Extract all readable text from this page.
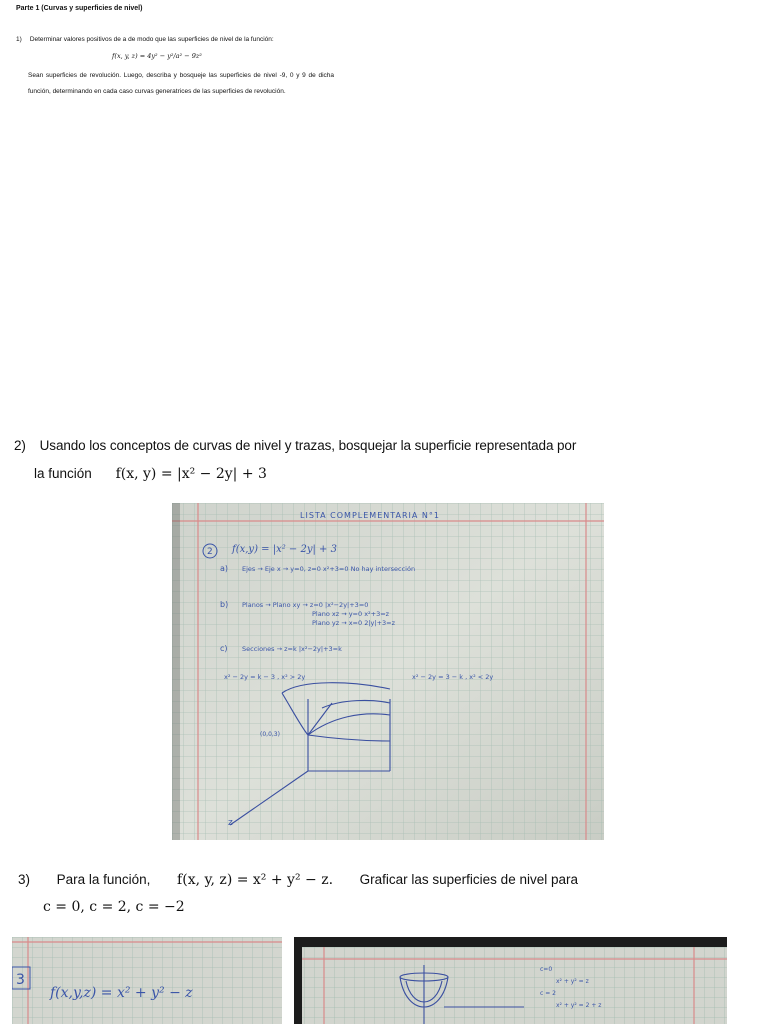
Parte 1 (Curvas y superficies de nivel)
1) Determinar valores positivos de a de modo que las superficies de nivel de la función:
f(x, y, z) = 4y² − y²/a² − 9z²
Sean superficies de revolución. Luego, describa y bosqueje las superficies de nivel -9, 0 y 9 de dicha función, determinando en cada caso curvas generatrices de las superficies de revolución.
2) Usando los conceptos de curvas de nivel y trazas, bosquejar la superficie representada por
la función f(x, y) = |x² − 2y| + 3
LISTA COMPLEMENTARIA N°1
2 f(x,y) = |x² − 2y| + 3
a) Ejes → Eje x → y=0, z=0 x²+3=0 No hay intersección
b) Planos → Plano xy → z=0 |x²−2y|+3=0
Plano xz → y=0 x²+3=z
Plano yz → x=0 2|y|+3=z
c) Secciones → z=k |x²−2y|+3=k
x² − 2y = k − 3 , x² > 2y	x² − 2y = 3 − k , x² < 2y
(0,0,3)
z
3) Para la función, f(x, y, z) = x² + y² − z. Graficar las superficies de nivel para
c = 0, c = 2, c = −2
3
f(x,y,z) = x² + y² − z
c=0
x² + y² = z
c = 2
x² + y² = 2 + z
